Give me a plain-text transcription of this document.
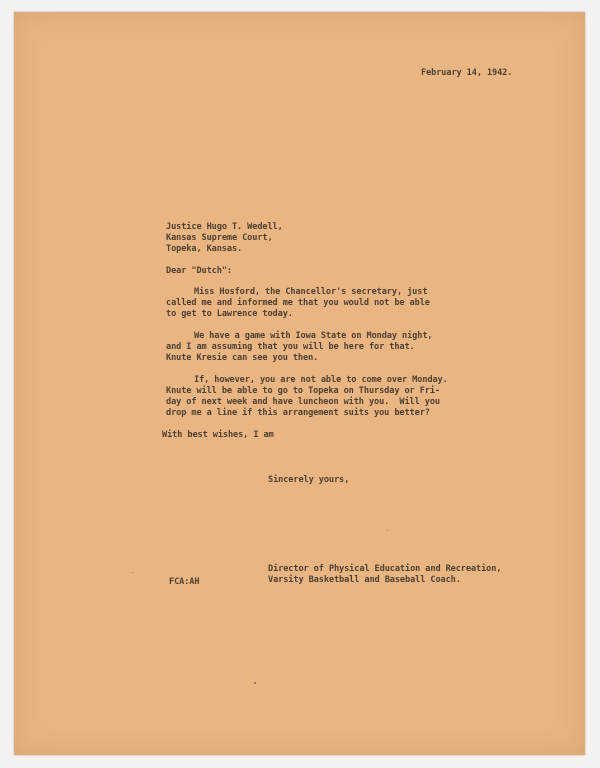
February 14, 1942.
Justice Hugo T. Wedell,
Kansas Supreme Court,
Topeka, Kansas.
Dear "Dutch":
Miss Hosford, the Chancellor's secretary, just
called me and informed me that you would not be able
to get to Lawrence today.
We have a game with Iowa State on Monday night,
and I am assuming that you will be here for that.
Knute Kresie can see you then.
If, however, you are not able to come over Monday.
Knute will be able to go to Topeka on Thursday or Fri-
day of next week and have luncheon with you.  Will you
drop me a line if this arrangement suits you better?
With best wishes, I am
Sincerely yours,
FCA:AH
Director of Physical Education and Recreation,
Varsity Basketball and Baseball Coach.
